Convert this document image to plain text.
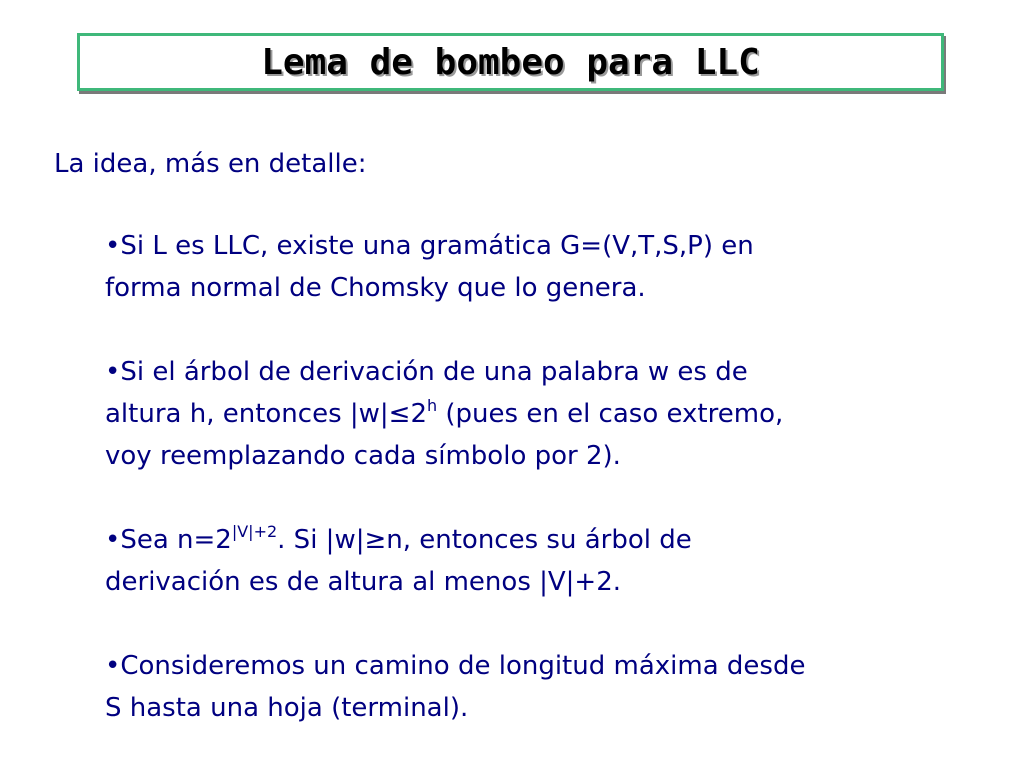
Lema de bombeo para LLC
La idea, más en detalle:
•Si L es LLC, existe una gramática G=(V,T,S,P) en
forma normal de Chomsky que lo genera.
•Si el árbol de derivación de una palabra w es de
altura h, entonces $|w|\le 2^h$ (pues en el caso extremo,
voy reemplazando cada símbolo por 2).
•Sea $n=2^{|V|+2}$. Si |w|≥n, entonces su árbol de
derivación es de altura al menos |V|+2.
•Consideremos un camino de longitud máxima desde
S hasta una hoja (terminal).
